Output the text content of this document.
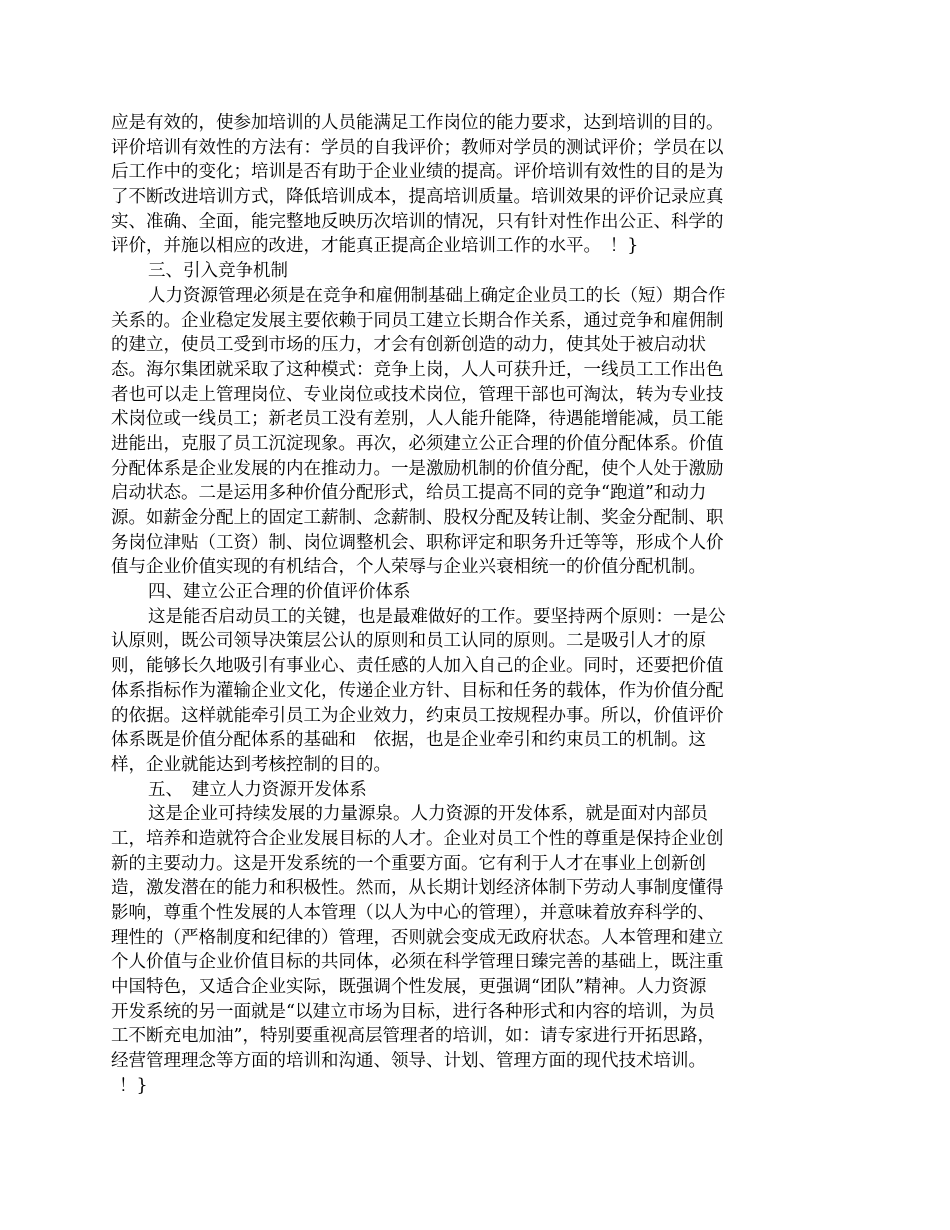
应是有效的，使参加培训的人员能满足工作岗位的能力要求，达到培训的目的。
评价培训有效性的方法有：学员的自我评价；教师对学员的测试评价；学员在以
后工作中的变化；培训是否有助于企业业绩的提高。评价培训有效性的目的是为
了不断改进培训方式，降低培训成本，提高培训质量。培训效果的评价记录应真
实、准确、全面，能完整地反映历次培训的情况，只有针对性作出公正、科学的
评价，并施以相应的改进，才能真正提高企业培训工作的水平。　！}
三、引入竞争机制
人力资源管理必须是在竞争和雇佣制基础上确定企业员工的长（短）期合作
关系的。企业稳定发展主要依赖于同员工建立长期合作关系，通过竞争和雇佣制
的建立，使员工受到市场的压力，才会有创新创造的动力，使其处于被启动状
态。海尔集团就采取了这种模式：竞争上岗，人人可获升迁，一线员工工作出色
者也可以走上管理岗位、专业岗位或技术岗位，管理干部也可淘汰，转为专业技
术岗位或一线员工；新老员工没有差别，人人能升能降，待遇能增能减，员工能
进能出，克服了员工沉淀现象。再次，必须建立公正合理的价值分配体系。价值
分配体系是企业发展的内在推动力。一是激励机制的价值分配，使个人处于激励
启动状态。二是运用多种价值分配形式，给员工提高不同的竞争“跑道”和动力
源。如薪金分配上的固定工薪制、念薪制、股权分配及转让制、奖金分配制、职
务岗位津贴（工资）制、岗位调整机会、职称评定和职务升迁等等，形成个人价
值与企业价值实现的有机结合，个人荣辱与企业兴衰相统一的价值分配机制。
四、建立公正合理的价值评价体系
这是能否启动员工的关键，也是最难做好的工作。要坚持两个原则：一是公
认原则，既公司领导决策层公认的原则和员工认同的原则。二是吸引人才的原
则，能够长久地吸引有事业心、责任感的人加入自己的企业。同时，还要把价值
体系指标作为灌输企业文化，传递企业方针、目标和任务的载体，作为价值分配
的依据。这样就能牵引员工为企业效力，约束员工按规程办事。所以，价值评价
体系既是价值分配体系的基础和　依据，也是企业牵引和约束员工的机制。这
样，企业就能达到考核控制的目的。
五、　建立人力资源开发体系
这是企业可持续发展的力量源泉。人力资源的开发体系，就是面对内部员
工，培养和造就符合企业发展目标的人才。企业对员工个性的尊重是保持企业创
新的主要动力。这是开发系统的一个重要方面。它有利于人才在事业上创新创
造，激发潜在的能力和积极性。然而，从长期计划经济体制下劳动人事制度懂得
影响，尊重个性发展的人本管理（以人为中心的管理），并意味着放弃科学的、
理性的（严格制度和纪律的）管理，否则就会变成无政府状态。人本管理和建立
个人价值与企业价值目标的共同体，必须在科学管理日臻完善的基础上，既注重
中国特色，又适合企业实际，既强调个性发展，更强调“团队”精神。人力资源
开发系统的另一面就是“以建立市场为目标，进行各种形式和内容的培训，为员
工不断充电加油”，特别要重视高层管理者的培训，如：请专家进行开拓思路，
经营管理理念等方面的培训和沟通、领导、计划、管理方面的现代技术培训。
！}
